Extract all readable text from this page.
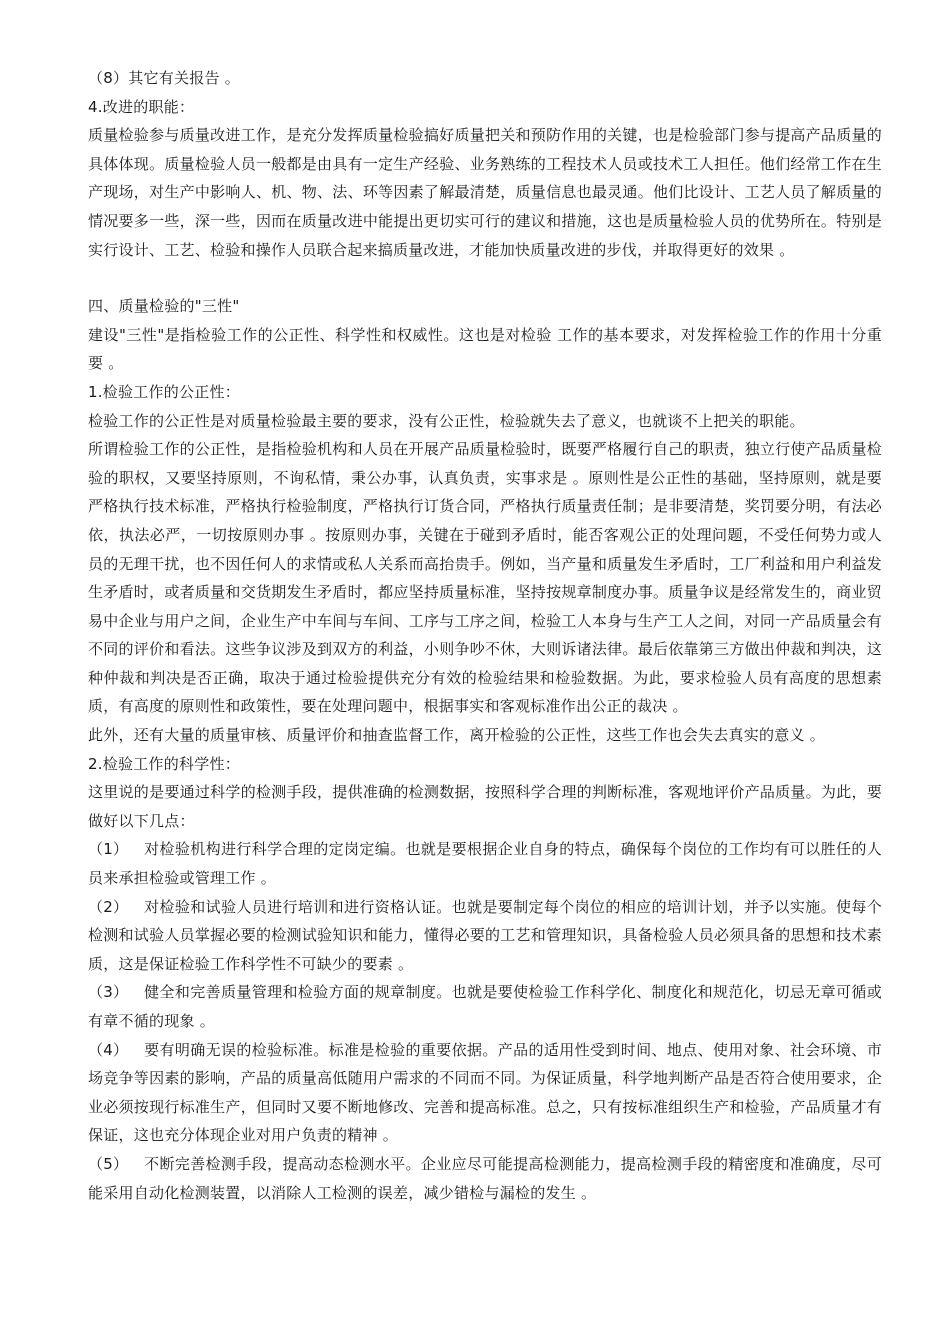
（8）其它有关报告 。

4.改进的职能：

质量检验参与质量改进工作，是充分发挥质量检验搞好质量把关和预防作用的关键，也是检验部门参与提高产品质量的具体体现。质量检验人员一般都是由具有一定生产经验、业务熟练的工程技术人员或技术工人担任。他们经常工作在生产现场，对生产中影响人、机、物、法、环等因素了解最清楚，质量信息也最灵通。他们比设计、工艺人员了解质量的情况要多一些，深一些，因而在质量改进中能提出更切实可行的建议和措施，这也是质量检验人员的优势所在。特别是实行设计、工艺、检验和操作人员联合起来搞质量改进，才能加快质量改进的步伐，并取得更好的效果 。

四、质量检验的"三性"

建设"三性"是指检验工作的公正性、科学性和权威性。这也是对检验 工作的基本要求，对发挥检验工作的作用十分重要 。

1.检验工作的公正性：

检验工作的公正性是对质量检验最主要的要求，没有公正性，检验就失去了意义，也就谈不上把关的职能。

所谓检验工作的公正性，是指检验机构和人员在开展产品质量检验时，既要严格履行自己的职责，独立行使产品质量检验的职权，又要坚持原则，不询私情，秉公办事，认真负责，实事求是 。原则性是公正性的基础，坚持原则，就是要严格执行技术标准，严格执行检验制度，严格执行订货合同，严格执行质量责任制；是非要清楚，奖罚要分明，有法必依，执法必严，一切按原则办事 。按原则办事，关键在于碰到矛盾时，能否客观公正的处理问题，不受任何势力或人员的无理干扰，也不因任何人的求情或私人关系而高抬贵手。例如，当产量和质量发生矛盾时，工厂利益和用户利益发生矛盾时，或者质量和交货期发生矛盾时，都应坚持质量标准，坚持按规章制度办事。质量争议是经常发生的，商业贸易中企业与用户之间，企业生产中车间与车间、工序与工序之间，检验工人本身与生产工人之间，对同一产品质量会有不同的评价和看法。这些争议涉及到双方的利益，小则争吵不休，大则诉诸法律。最后依靠第三方做出仲裁和判决，这种仲裁和判决是否正确，取决于通过检验提供充分有效的检验结果和检验数据。为此，要求检验人员有高度的思想素质，有高度的原则性和政策性，要在处理问题中，根据事实和客观标准作出公正的裁决 。

此外，还有大量的质量审核、质量评价和抽查监督工作，离开检验的公正性，这些工作也会失去真实的意义 。

2.检验工作的科学性：

这里说的是要通过科学的检测手段，提供准确的检测数据，按照科学合理的判断标准，客观地评价产品质量。为此，要做好以下几点：

（1） 对检验机构进行科学合理的定岗定编。也就是要根据企业自身的特点，确保每个岗位的工作均有可以胜任的人员来承担检验或管理工作 。

（2） 对检验和试验人员进行培训和进行资格认证。也就是要制定每个岗位的相应的培训计划，并予以实施。使每个检测和试验人员掌握必要的检测试验知识和能力，懂得必要的工艺和管理知识，具备检验人员必须具备的思想和技术素质，这是保证检验工作科学性不可缺少的要素 。

（3） 健全和完善质量管理和检验方面的规章制度。也就是要使检验工作科学化、制度化和规范化，切忌无章可循或有章不循的现象 。

（4） 要有明确无误的检验标准。标准是检验的重要依据。产品的适用性受到时间、地点、使用对象、社会环境、市场竞争等因素的影响，产品的质量高低随用户需求的不同而不同。为保证质量，科学地判断产品是否符合使用要求，企业必须按现行标准生产，但同时又要不断地修改、完善和提高标准。总之，只有按标准组织生产和检验，产品质量才有保证，这也充分体现企业对用户负责的精神 。

（5） 不断完善检测手段，提高动态检测水平。企业应尽可能提高检测能力，提高检测手段的精密度和准确度，尽可能采用自动化检测装置，以消除人工检测的误差，减少错检与漏检的发生 。
